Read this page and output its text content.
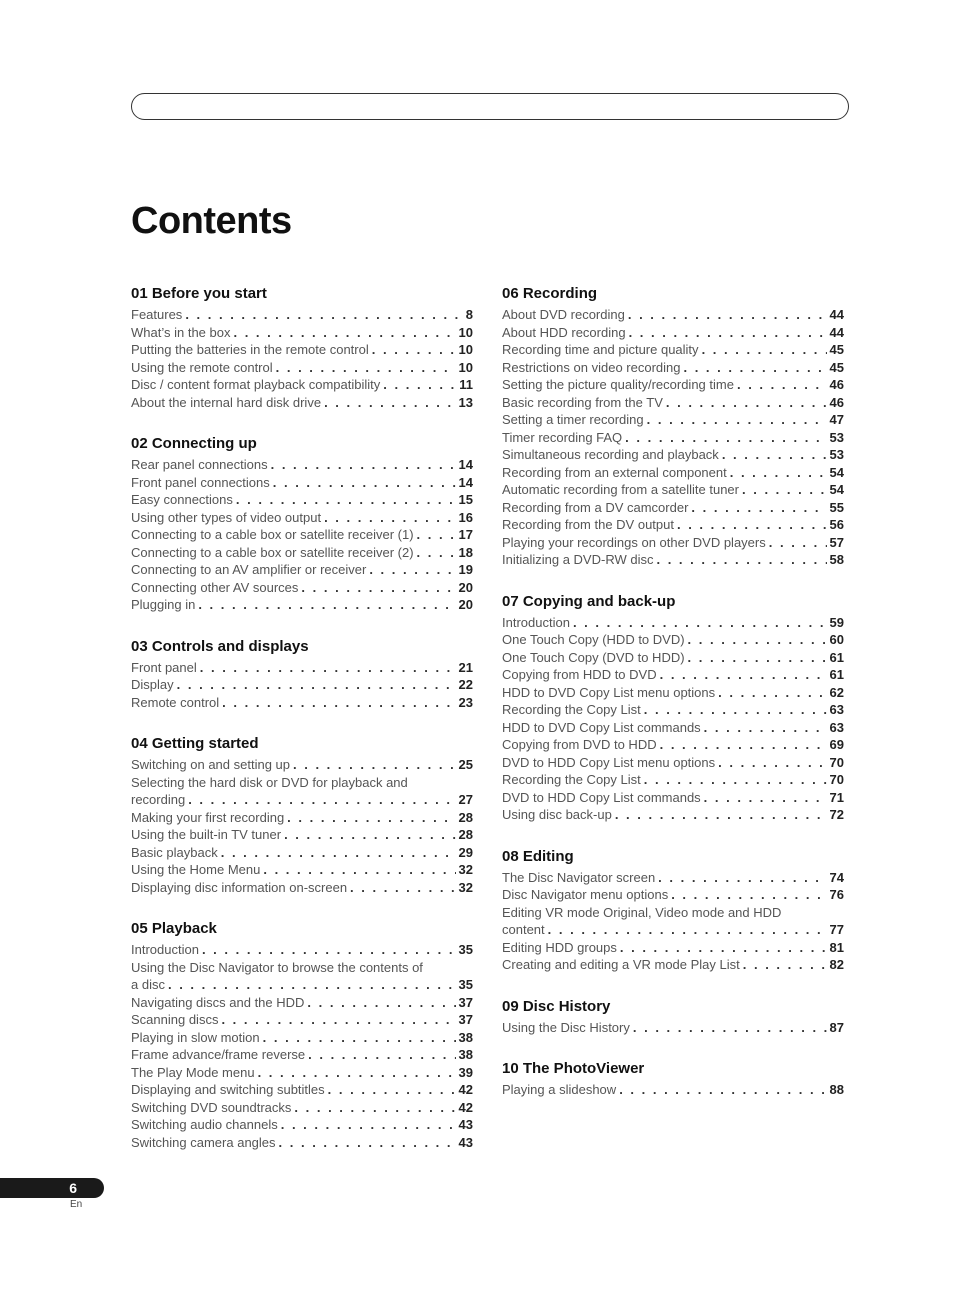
Contents
01 Before you start
Features . . .	8
What’s in the box . . .	10
Putting the batteries in the remote control . . .	10
Using the remote control . . .	10
Disc / content format playback compatibility . . .	11
About the internal hard disk drive . . .	13
02 Connecting up
Rear panel connections . . .	14
Front panel connections . . .	14
Easy connections . . .	15
Using other types of video output . . .	16
Connecting to a cable box or satellite receiver (1) . . .	17
Connecting to a cable box or satellite receiver (2) . . .	18
Connecting to an AV amplifier or receiver . . .	19
Connecting other AV sources . . .	20
Plugging in . . .	20
03 Controls and displays
Front panel . . .	21
Display . . .	22
Remote control . . .	23
04 Getting started
Switching on and setting up . . .	25
Selecting the hard disk or DVD for playback and
recording . . .	27
Making your first recording . . .	28
Using the built-in TV tuner . . .	28
Basic playback . . .	29
Using the Home Menu . . .	32
Displaying disc information on-screen . . .	32
05 Playback
Introduction . . .	35
Using the Disc Navigator to browse the contents of
a disc . . .	35
Navigating discs and the HDD . . .	37
Scanning discs . . .	37
Playing in slow motion . . .	38
Frame advance/frame reverse . . .	38
The Play Mode menu . . .	39
Displaying and switching subtitles . . .	42
Switching DVD soundtracks . . .	42
Switching audio channels . . .	43
Switching camera angles . . .	43
06 Recording
About DVD recording . . .	44
About HDD recording . . .	44
Recording time and picture quality . . .	45
Restrictions on video recording . . .	45
Setting the picture quality/recording time . . .	46
Basic recording from the TV . . .	46
Setting a timer recording . . .	47
Timer recording FAQ . . .	53
Simultaneous recording and playback . . .	53
Recording from an external component . . .	54
Automatic recording from a satellite tuner . . .	54
Recording from a DV camcorder . . .	55
Recording from the DV output . . .	56
Playing your recordings on other DVD players . . .	57
Initializing a DVD-RW disc . . .	58
07 Copying and back-up
Introduction . . .	59
One Touch Copy (HDD to DVD) . . .	60
One Touch Copy (DVD to HDD) . . .	61
Copying from HDD to DVD . . .	61
HDD to DVD Copy List menu options . . .	62
Recording the Copy List . . .	63
HDD to DVD Copy List commands . . .	63
Copying from DVD to HDD . . .	69
DVD to HDD Copy List menu options . . .	70
Recording the Copy List . . .	70
DVD to HDD Copy List commands . . .	71
Using disc back-up . . .	72
08 Editing
The Disc Navigator screen . . .	74
Disc Navigator menu options . . .	76
Editing VR mode Original, Video mode and HDD
content . . .	77
Editing HDD groups . . .	81
Creating and editing a VR mode Play List . . .	82
09 Disc History
Using the Disc History . . .	87
10 The PhotoViewer
Playing a slideshow . . .	88
6
En
